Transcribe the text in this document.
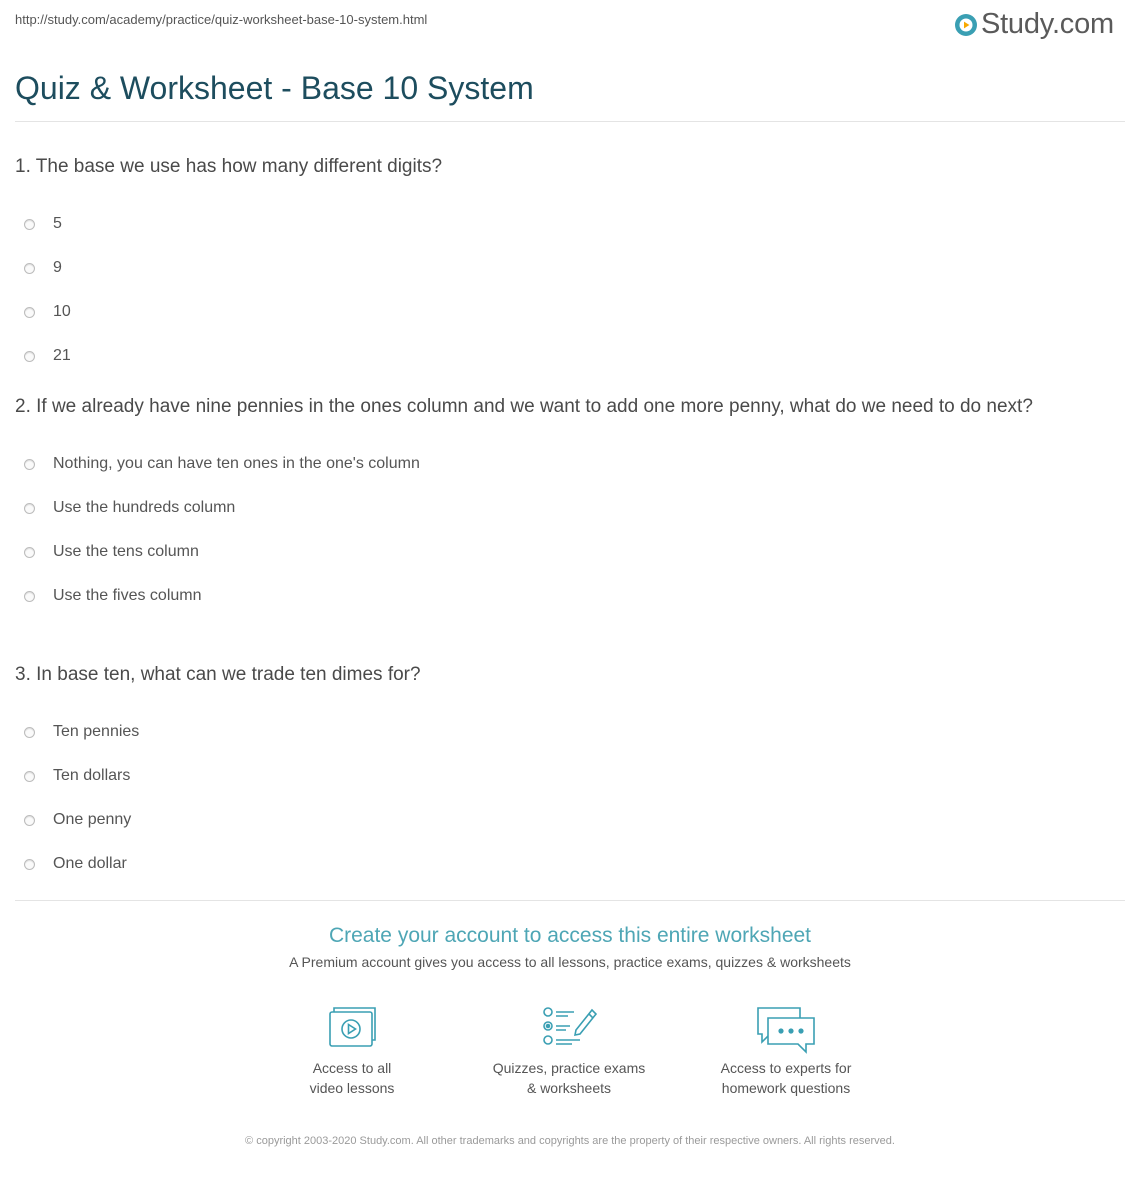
http://study.com/academy/practice/quiz-worksheet-base-10-system.html	Study.com
Quiz & Worksheet - Base 10 System
1. The base we use has how many different digits?
5
9
10
21
2. If we already have nine pennies in the ones column and we want to add one more penny, what do we need to do next?
Nothing, you can have ten ones in the one's column
Use the hundreds column
Use the tens column
Use the fives column
3. In base ten, what can we trade ten dimes for?
Ten pennies
Ten dollars
One penny
One dollar
Create your account to access this entire worksheet
A Premium account gives you access to all lessons, practice exams, quizzes & worksheets
Access to all
video lessons
Quizzes, practice exams
& worksheets
Access to experts for
homework questions
© copyright 2003-2020 Study.com. All other trademarks and copyrights are the property of their respective owners. All rights reserved.
